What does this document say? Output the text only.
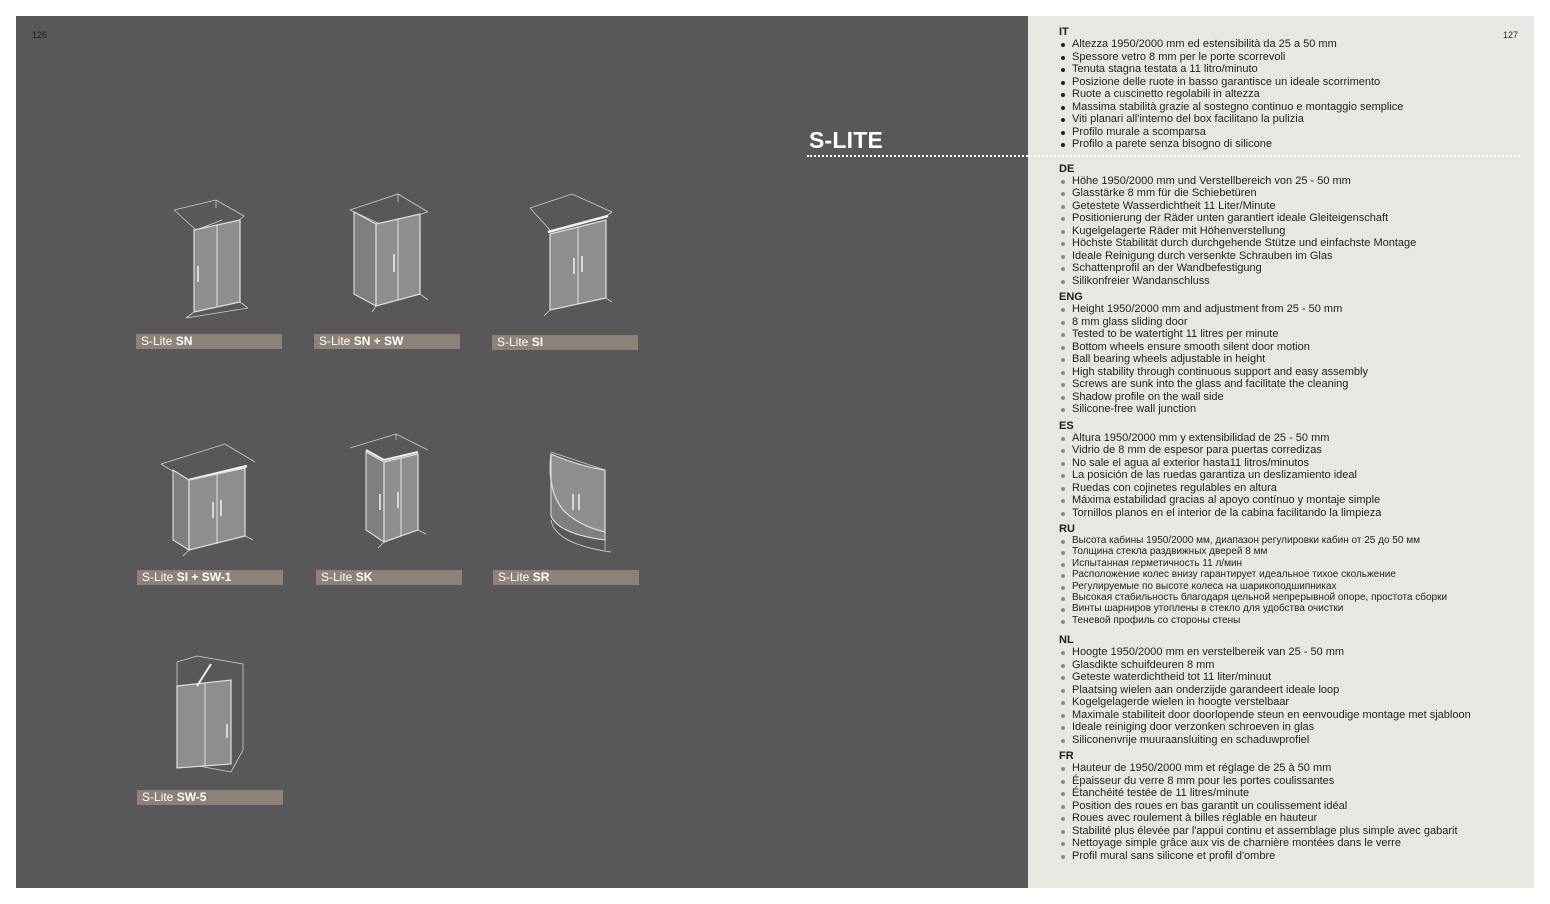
126	127
S-LITE
S-Lite SN	S-Lite SN + SW	S-Lite SI
S-Lite SI + SW-1	S-Lite SK	S-Lite SR
S-Lite SW-5
IT
Altezza 1950/2000 mm ed estensibilità da 25 a 50 mm
Spessore vetro 8 mm per le porte scorrevoli
Tenuta stagna testata a 11 litro/minuto
Posizione delle ruote in basso garantisce un ideale scorrimento
Ruote a cuscinetto regolabili in altezza
Massima stabilità grazie al sostegno continuo e montaggio semplice
Viti planari all'interno del box facilitano la pulizia
Profilo murale a scomparsa
Profilo a parete senza bisogno di silicone
DE
Höhe 1950/2000 mm und Verstellbereich von 25 - 50 mm
Glasstärke 8 mm für die Schiebetüren
Getestete Wasserdichtheit 11 Liter/Minute
Positionierung der Räder unten garantiert ideale Gleiteigenschaft
Kugelgelagerte Räder mit Höhenverstellung
Höchste Stabilität durch durchgehende Stütze und einfachste Montage
Ideale Reinigung durch versenkte Schrauben im Glas
Schattenprofil an der Wandbefestigung
Silikonfreier Wandanschluss
ENG
Height 1950/2000 mm and adjustment from 25 - 50 mm
8 mm glass sliding door
Tested to be watertight 11 litres per minute
Bottom wheels ensure smooth silent door motion
Ball bearing wheels adjustable in height
High stability through continuous support and easy assembly
Screws are sunk into the glass and facilitate the cleaning
Shadow profile on the wall side
Silicone-free wall junction
ES
Altura 1950/2000 mm y extensibilidad de 25 - 50 mm
Vidrio de 8 mm de espesor para puertas corredizas
No sale el agua al exterior hasta11 litros/minutos
La posición de las ruedas garantiza un deslizamiento ideal
Ruedas con cojinetes regulables en altura
Máxima estabilidad gracias al apoyo contínuo y montaje simple
Tornillos planos en el interior de la cabina facilitando la limpieza
RU
Высота кабины 1950/2000 мм, диапазон регулировки кабин от 25 до 50 мм
Толщина стекла раздвижных дверей 8 мм
Испытанная герметичность 11 л/мин
Расположение колес внизу гарантирует идеальное тихое скольжение
Регулируемые по высоте колеса на шарикоподшипниках
Высокая стабильность благодаря цельной непрерывной опоре, простота сборки
Винты шарниров утоплены в стекло для удобства очистки
Теневой профиль со стороны стены
NL
Hoogte 1950/2000 mm en verstelbereik van 25 - 50 mm
Glasdikte schuifdeuren 8 mm
Geteste waterdichtheid tot 11 liter/minuut
Plaatsing wielen aan onderzijde garandeert ideale loop
Kogelgelagerde wielen in hoogte verstelbaar
Maximale stabiliteit door doorlopende steun en eenvoudige montage met sjabloon
Ideale reiniging door verzonken schroeven in glas
Siliconenvrije muuraansluiting en schaduwprofiel
FR
Hauteur de 1950/2000 mm et réglage de 25 à 50 mm
Épaisseur du verre 8 mm pour les portes coulissantes
Étanchéité testée de 11 litres/minute
Position des roues en bas garantit un coulissement idéal
Roues avec roulement à billes réglable en hauteur
Stabilité plus élevée par l'appui continu et assemblage plus simple avec gabarit
Nettoyage simple grâce aux vis de charnière montées dans le verre
Profil mural sans silicone et profil d'ombre
